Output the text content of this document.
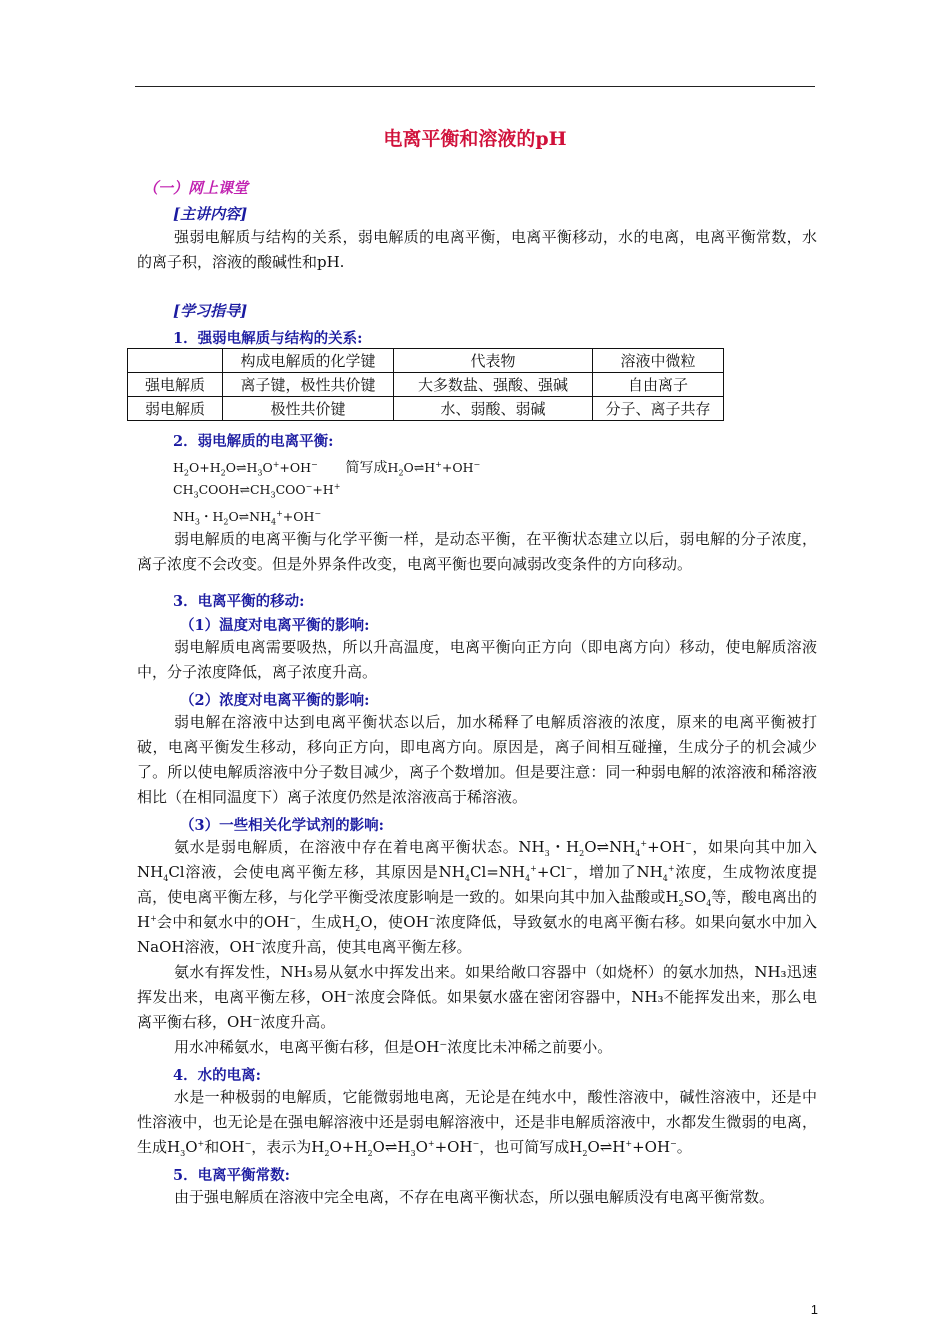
电离平衡和溶液的pH
（一）网上课堂
[主讲内容]

强弱电解质与结构的关系，弱电解质的电离平衡，电离平衡移动，水的电离，电离平衡常数，水的离子积，溶液的酸碱性和pH.

[学习指导]
1．强弱电解质与结构的关系:
	构成电解质的化学键	代表物	溶液中微粒
强电解质	离子键，极性共价键	大多数盐、强酸、强碱	自由离子
弱电解质	极性共价键	水、弱酸、弱碱	分子、离子共存
2．弱电解质的电离平衡:
$H_2O+H_2O\rightleftharpoons H_3O^++OH^-$ 简写成$H_2O\rightleftharpoons H^++OH^-$
$CH_3COOH\rightleftharpoons CH_3COO^-+H^+$
$NH_3$・$H_2O\rightleftharpoons NH_4^++OH^-$

弱电解质的电离平衡与化学平衡一样，是动态平衡，在平衡状态建立以后，弱电解的分子浓度，离子浓度不会改变。但是外界条件改变，电离平衡也要向减弱改变条件的方向移动。

3．电离平衡的移动:
（1）温度对电离平衡的影响:

弱电解质电离需要吸热，所以升高温度，电离平衡向正方向（即电离方向）移动，使电解质溶液中，分子浓度降低，离子浓度升高。

（2）浓度对电离平衡的影响:

弱电解在溶液中达到电离平衡状态以后，加水稀释了电解质溶液的浓度，原来的电离平衡被打破，电离平衡发生移动，移向正方向，即电离方向。原因是，离子间相互碰撞，生成分子的机会减少了。所以使电解质溶液中分子数目减少，离子个数增加。但是要注意：同一种弱电解的浓溶液和稀溶液相比（在相同温度下）离子浓度仍然是浓溶液高于稀溶液。

（3）一些相关化学试剂的影响:

氨水是弱电解质，在溶液中存在着电离平衡状态。$NH_3$・$H_2O\rightleftharpoons NH_4^++OH^-$，如果向其中加入$NH_4Cl$溶液，会使电离平衡左移，其原因是$NH_4Cl=NH_4^++Cl^-$，增加了$NH_4^+$浓度，生成物浓度提高，使电离平衡左移，与化学平衡受浓度影响是一致的。如果向其中加入盐酸或$H_2SO_4$等，酸电离出的H+会中和氨水中的OH−，生成$H_2O$，使OH−浓度降低，导致氨水的电离平衡右移。如果向氨水中加入NaOH溶液，OH−浓度升高，使其电离平衡左移。

氨水有挥发性，NH₃易从氨水中挥发出来。如果给敞口容器中（如烧杯）的氨水加热，NH₃迅速挥发出来，电离平衡左移，OH⁻浓度会降低。如果氨水盛在密闭容器中，NH₃不能挥发出来，那么电离平衡右移，OH⁻浓度升高。

用水冲稀氨水，电离平衡右移，但是OH⁻浓度比未冲稀之前要小。

4．水的电离:

水是一种极弱的电解质，它能微弱地电离，无论是在纯水中，酸性溶液中，碱性溶液中，还是中性溶液中，也无论是在强电解溶液中还是弱电解溶液中，还是非电解质溶液中，水都发生微弱的电离，生成$H_3O^+$和OH−，表示为$H_2O+H_2O\rightleftharpoons H_3O^++OH^-$，也可简写成$H_2O\rightleftharpoons H^++OH^-$。

5．电离平衡常数:

由于强电解质在溶液中完全电离，不存在电离平衡状态，所以强电解质没有电离平衡常数。

1
